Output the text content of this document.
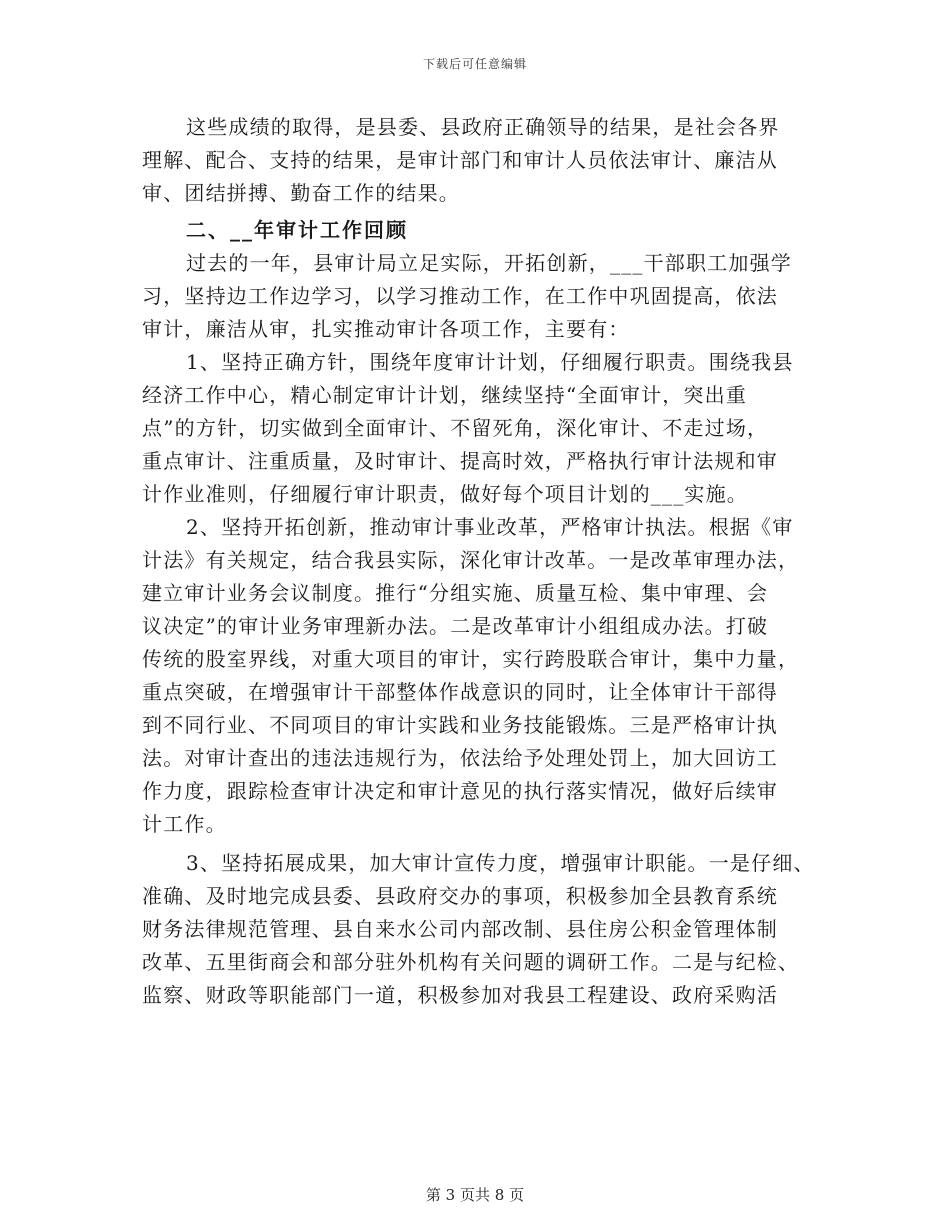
下载后可任意编辑
这些成绩的取得，是县委、县政府正确领导的结果，是社会各界
理解、配合、支持的结果，是审计部门和审计人员依法审计、廉洁从
审、团结拼搏、勤奋工作的结果。
二、__年审计工作回顾
过去的一年，县审计局立足实际，开拓创新，___干部职工加强学
习，坚持边工作边学习，以学习推动工作，在工作中巩固提高，依法
审计，廉洁从审，扎实推动审计各项工作，主要有：
1、坚持正确方针，围绕年度审计计划，仔细履行职责。围绕我县
经济工作中心，精心制定审计计划，继续坚持“全面审计，突出重
点”的方针，切实做到全面审计、不留死角，深化审计、不走过场，
重点审计、注重质量，及时审计、提高时效，严格执行审计法规和审
计作业准则，仔细履行审计职责，做好每个项目计划的___实施。
2、坚持开拓创新，推动审计事业改革，严格审计执法。根据《审
计法》有关规定，结合我县实际，深化审计改革。一是改革审理办法，
建立审计业务会议制度。推行“分组实施、质量互检、集中审理、会
议决定”的审计业务审理新办法。二是改革审计小组组成办法。打破
传统的股室界线，对重大项目的审计，实行跨股联合审计，集中力量，
重点突破，在增强审计干部整体作战意识的同时，让全体审计干部得
到不同行业、不同项目的审计实践和业务技能锻炼。三是严格审计执
法。对审计查出的违法违规行为，依法给予处理处罚上，加大回访工
作力度，跟踪检查审计决定和审计意见的执行落实情况，做好后续审
计工作。
3、坚持拓展成果，加大审计宣传力度，增强审计职能。一是仔细、
准确、及时地完成县委、县政府交办的事项，积极参加全县教育系统
财务法律规范管理、县自来水公司内部改制、县住房公积金管理体制
改革、五里街商会和部分驻外机构有关问题的调研工作。二是与纪检、
监察、财政等职能部门一道，积极参加对我县工程建设、政府采购活
第 3 页共 8 页
